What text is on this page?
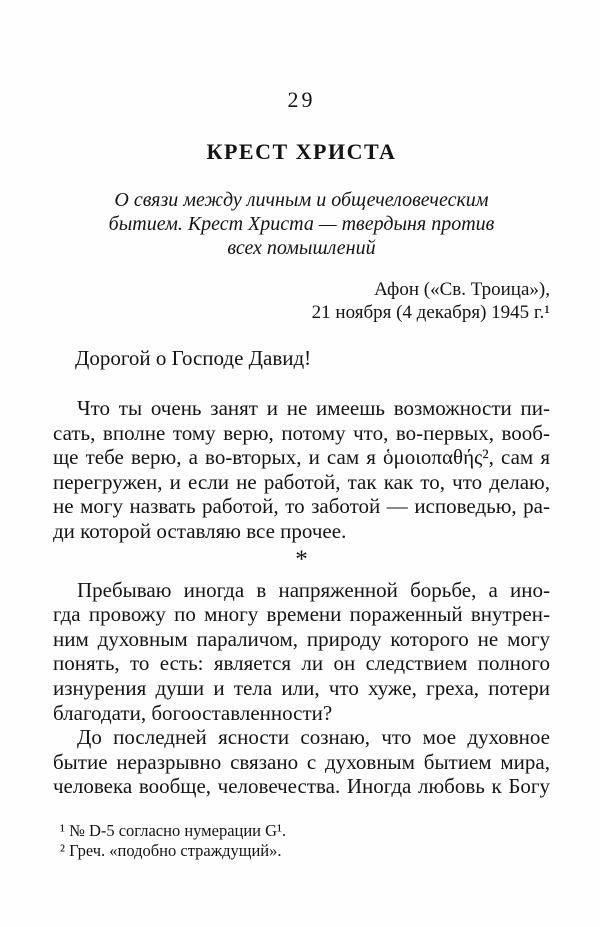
29
КРЕСТ ХРИСТА
О связи между личным и общечеловеческим
бытием. Крест Христа — твердыня против
всех помышлений
Афон («Св. Троица»),
21 ноября (4 декабря) 1945 г.¹

Дорогой о Господе Давид!

Что ты очень занят и не имеешь возможности пи-
сать, вполне тому верю, потому что, во-первых, вооб-
ще тебе верю, а во-вторых, и сам я ὁμοιοπαθής², сам я
перегружен, и если не работой, так как то, что делаю,
не могу назвать работой, то заботой — исповедью, ра-
ди которой оставляю все прочее.
*
Пребываю иногда в напряженной борьбе, а ино-
гда провожу по многу времени пораженный внутрен-
ним духовным параличом, природу которого не могу
понять, то есть: является ли он следствием полного
изнурения души и тела или, что хуже, греха, потери
благодати, богооставленности?
До последней ясности сознаю, что мое духовное
бытие неразрывно связано с духовным бытием мира,
человека вообще, человечества. Иногда любовь к Богу
¹ № D-5 согласно нумерации G¹.
² Греч. «подобно страждущий».
